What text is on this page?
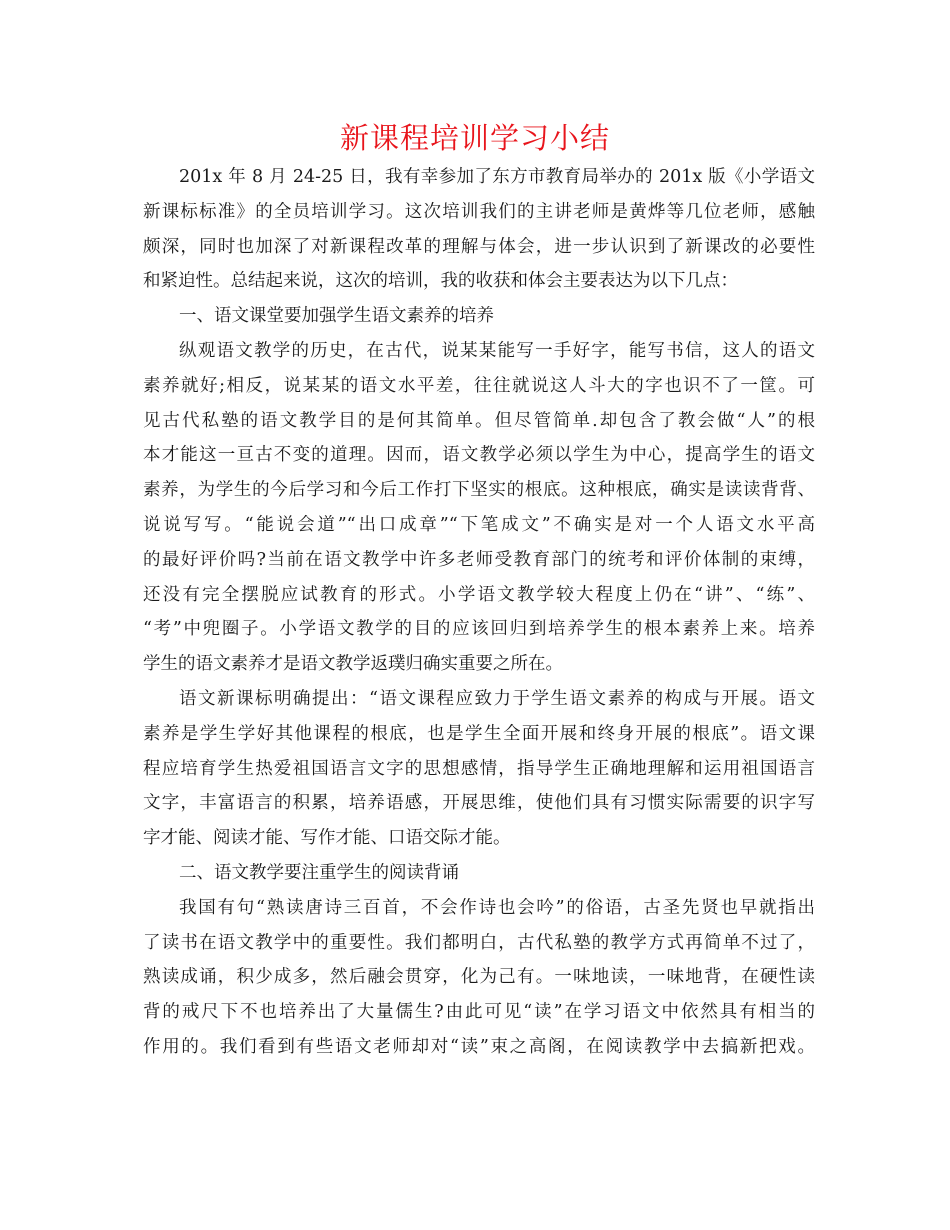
新课程培训学习小结
201x 年 8 月 24-25 日，我有幸参加了东方市教育局举办的 201x 版《小学语文
新课标标准》的全员培训学习。这次培训我们的主讲老师是黄烨等几位老师，感触
颇深，同时也加深了对新课程改革的理解与体会，进一步认识到了新课改的必要性
和紧迫性。总结起来说，这次的培训，我的收获和体会主要表达为以下几点：
一、语文课堂要加强学生语文素养的培养
纵观语文教学的历史，在古代，说某某能写一手好字，能写书信，这人的语文
素养就好;相反，说某某的语文水平差，往往就说这人斗大的字也识不了一筐。可
见古代私塾的语文教学目的是何其简单。但尽管简单.却包含了教会做“人”的根
本才能这一亘古不变的道理。因而，语文教学必须以学生为中心，提高学生的语文
素养，为学生的今后学习和今后工作打下坚实的根底。这种根底，确实是读读背背、
说说写写。“能说会道”“出口成章”“下笔成文”不确实是对一个人语文水平高
的最好评价吗?当前在语文教学中许多老师受教育部门的统考和评价体制的束缚，
还没有完全摆脱应试教育的形式。小学语文教学较大程度上仍在“讲”、“练”、
“考”中兜圈子。小学语文教学的目的应该回归到培养学生的根本素养上来。培养
学生的语文素养才是语文教学返璞归确实重要之所在。
语文新课标明确提出：“语文课程应致力于学生语文素养的构成与开展。语文
素养是学生学好其他课程的根底，也是学生全面开展和终身开展的根底”。语文课
程应培育学生热爱祖国语言文字的思想感情，指导学生正确地理解和运用祖国语言
文字，丰富语言的积累，培养语感，开展思维，使他们具有习惯实际需要的识字写
字才能、阅读才能、写作才能、口语交际才能。
二、语文教学要注重学生的阅读背诵
我国有句“熟读唐诗三百首，不会作诗也会吟”的俗语，古圣先贤也早就指出
了读书在语文教学中的重要性。我们都明白，古代私塾的教学方式再简单不过了，
熟读成诵，积少成多，然后融会贯穿，化为己有。一味地读，一味地背，在硬性读
背的戒尺下不也培养出了大量儒生?由此可见“读”在学习语文中依然具有相当的
作用的。我们看到有些语文老师却对“读”束之高阁，在阅读教学中去搞新把戏。
